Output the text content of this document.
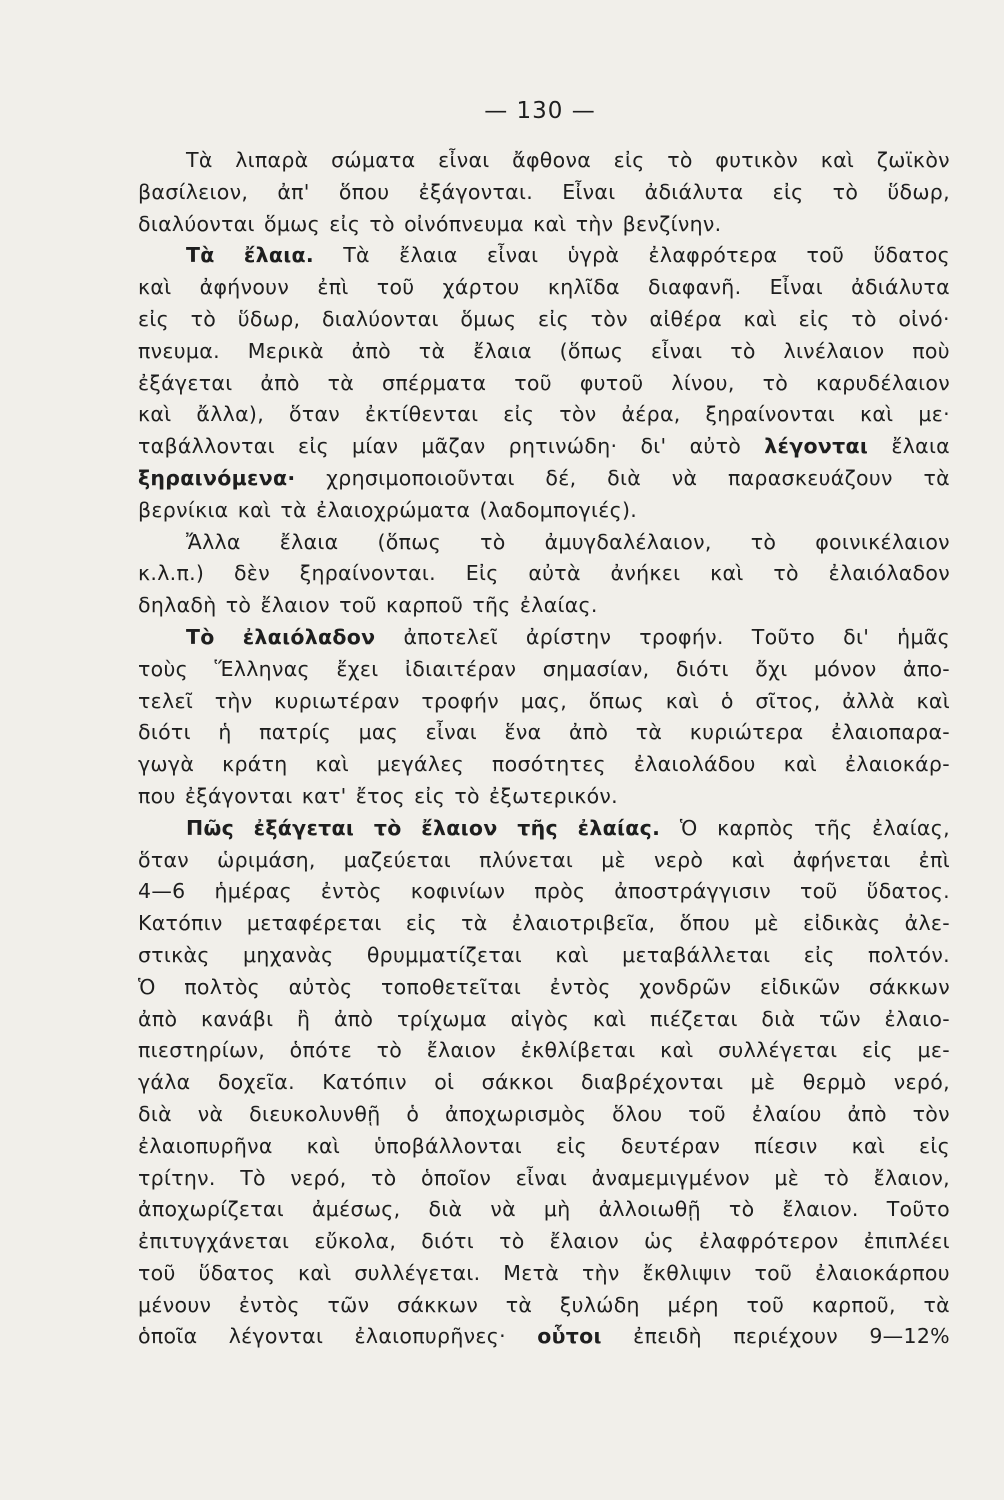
— 130 —
Τὰ λιπαρὰ σώματα εἶναι ἄφθονα εἰς τὸ φυτικὸν καὶ ζωϊκὸν
βασίλειον, ἀπ' ὅπου ἐξάγονται. Εἶναι ἀδιάλυτα εἰς τὸ ὕδωρ,
διαλύονται ὅμως εἰς τὸ οἰνόπνευμα καὶ τὴν βενζίνην.
Τὰ ἔλαια. Τὰ ἔλαια εἶναι ὑγρὰ ἐλαφρότερα τοῦ ὕδατος
καὶ ἀφήνουν ἐπὶ τοῦ χάρτου κηλῖδα διαφανῆ. Εἶναι ἀδιάλυτα
εἰς τὸ ὕδωρ, διαλύονται ὅμως εἰς τὸν αἰθέρα καὶ εἰς τὸ οἰνό·
πνευμα. Μερικὰ ἀπὸ τὰ ἔλαια (ὅπως εἶναι τὸ λινέλαιον ποὺ
ἐξάγεται ἀπὸ τὰ σπέρματα τοῦ φυτοῦ λίνου, τὸ καρυδέλαιον
καὶ ἄλλα), ὅταν ἐκτίθενται εἰς τὸν ἀέρα, ξηραίνονται καὶ με·
ταβάλλονται εἰς μίαν μᾶζαν ρητινώδη· δι' αὐτὸ λέγονται ἔλαια
ξηραινόμενα· χρησιμοποιοῦνται δέ, διὰ νὰ παρασκευάζουν τὰ
βερνίκια καὶ τὰ ἐλαιοχρώματα (λαδομπογιές).
Ἄλλα ἔλαια (ὅπως τὸ ἀμυγδαλέλαιον, τὸ φοινικέλαιον
κ.λ.π.) δὲν ξηραίνονται. Εἰς αὐτὰ ἀνήκει καὶ τὸ ἐλαιόλαδον
δηλαδὴ τὸ ἔλαιον τοῦ καρποῦ τῆς ἐλαίας.
Τὸ ἐλαιόλαδον ἀποτελεῖ ἀρίστην τροφήν. Τοῦτο δι' ἡμᾶς
τοὺς Ἕλληνας ἔχει ἰδιαιτέραν σημασίαν, διότι ὄχι μόνον ἀπο-
τελεῖ τὴν κυριωτέραν τροφήν μας, ὅπως καὶ ὁ σῖτος, ἀλλὰ καὶ
διότι ἡ πατρίς μας εἶναι ἕνα ἀπὸ τὰ κυριώτερα ἐλαιοπαρα-
γωγὰ κράτη καὶ μεγάλες ποσότητες ἐλαιολάδου καὶ ἐλαιοκάρ-
που ἐξάγονται κατ' ἔτος εἰς τὸ ἐξωτερικόν.
Πῶς ἐξάγεται τὸ ἔλαιον τῆς ἐλαίας. Ὁ καρπὸς τῆς ἐλαίας,
ὅταν ὡριμάση, μαζεύεται πλύνεται μὲ νερὸ καὶ ἀφήνεται ἐπὶ
4—6 ἡμέρας ἐντὸς κοφινίων πρὸς ἀποστράγγισιν τοῦ ὕδατος.
Κατόπιν μεταφέρεται εἰς τὰ ἐλαιοτριβεῖα, ὅπου μὲ εἰδικὰς ἀλε-
στικὰς μηχανὰς θρυμματίζεται καὶ μεταβάλλεται εἰς πολτόν.
Ὁ πολτὸς αὐτὸς τοποθετεῖται ἐντὸς χονδρῶν εἰδικῶν σάκκων
ἀπὸ κανάβι ἢ ἀπὸ τρίχωμα αἰγὸς καὶ πιέζεται διὰ τῶν ἐλαιο-
πιεστηρίων, ὁπότε τὸ ἔλαιον ἐκθλίβεται καὶ συλλέγεται εἰς με-
γάλα δοχεῖα. Κατόπιν οἱ σάκκοι διαβρέχονται μὲ θερμὸ νερό,
διὰ νὰ διευκολυνθῇ ὁ ἀποχωρισμὸς ὅλου τοῦ ἐλαίου ἀπὸ τὸν
ἐλαιοπυρῆνα καὶ ὑποβάλλονται εἰς δευτέραν πίεσιν καὶ εἰς
τρίτην. Τὸ νερό, τὸ ὁποῖον εἶναι ἀναμεμιγμένον μὲ τὸ ἔλαιον,
ἀποχωρίζεται ἀμέσως, διὰ νὰ μὴ ἀλλοιωθῇ τὸ ἔλαιον. Τοῦτο
ἐπιτυγχάνεται εὔκολα, διότι τὸ ἔλαιον ὡς ἐλαφρότερον ἐπιπλέει
τοῦ ὕδατος καὶ συλλέγεται. Μετὰ τὴν ἔκθλιψιν τοῦ ἐλαιοκάρπου
μένουν ἐντὸς τῶν σάκκων τὰ ξυλώδη μέρη τοῦ καρποῦ, τὰ
ὁποῖα λέγονται ἐλαιοπυρῆνες· οὗτοι ἐπειδὴ περιέχουν 9—12%
